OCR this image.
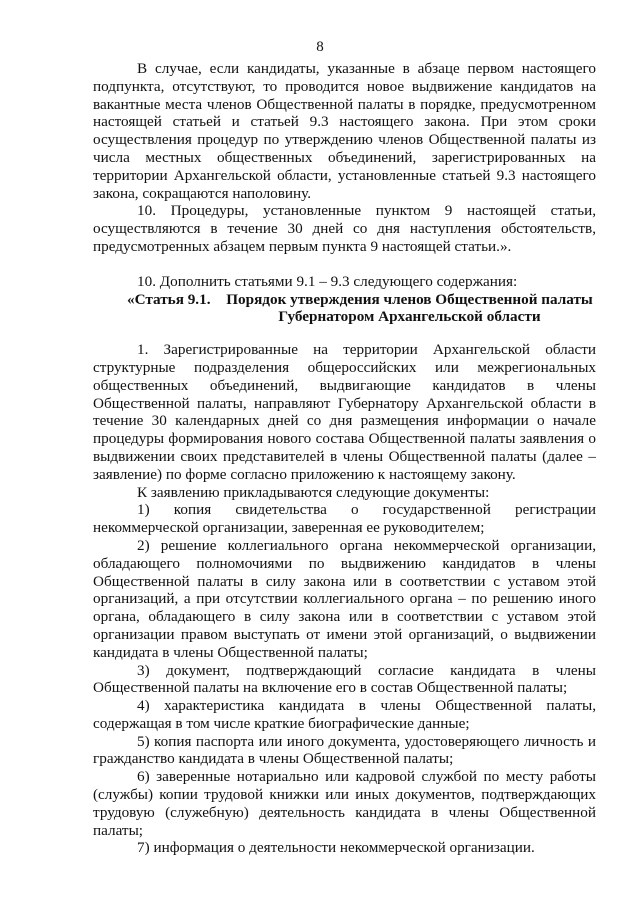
8

В случае, если кандидаты, указанные в абзаце первом настоящего подпункта, отсутствуют, то проводится новое выдвижение кандидатов на вакантные места членов Общественной палаты в порядке, предусмотренном настоящей статьей и статьей 9.3 настоящего закона. При этом сроки осуществления процедур по утверждению членов Общественной палаты из числа местных общественных объединений, зарегистрированных на территории Архангельской области, установленные статьей 9.3 настоящего закона, сокращаются наполовину.

10. Процедуры, установленные пунктом 9 настоящей статьи, осуществляются в течение 30 дней со дня наступления обстоятельств, предусмотренных абзацем первым пункта 9 настоящей статьи.».

10. Дополнить статьями 9.1 – 9.3 следующего содержания:

«Статья 9.1.	Порядок утверждения членов Общественной палаты Губернатором Архангельской области

1. Зарегистрированные на территории Архангельской области структурные подразделения общероссийских или межрегиональных общественных объединений, выдвигающие кандидатов в члены Общественной палаты, направляют Губернатору Архангельской области в течение 30 календарных дней со дня размещения информации о начале процедуры формирования нового состава Общественной палаты заявления о выдвижении своих представителей в члены Общественной палаты (далее – заявление) по форме согласно приложению к настоящему закону.

К заявлению прикладываются следующие документы:

1) копия свидетельства о государственной регистрации некоммерческой организации, заверенная ее руководителем;

2) решение коллегиального органа некоммерческой организации, обладающего полномочиями по выдвижению кандидатов в члены Общественной палаты в силу закона или в соответствии с уставом этой организаций, а при отсутствии коллегиального органа – по решению иного органа, обладающего в силу закона или в соответствии с уставом этой организации правом выступать от имени этой организаций, о выдвижении кандидата в члены Общественной палаты;

3) документ, подтверждающий согласие кандидата в члены Общественной палаты на включение его в состав Общественной палаты;

4) характеристика кандидата в члены Общественной палаты, содержащая в том числе краткие биографические данные;

5) копия паспорта или иного документа, удостоверяющего личность и гражданство кандидата в члены Общественной палаты;

6) заверенные нотариально или кадровой службой по месту работы (службы) копии трудовой книжки или иных документов, подтверждающих трудовую (служебную) деятельность кандидата в члены Общественной палаты;

7) информация о деятельности некоммерческой организации.
